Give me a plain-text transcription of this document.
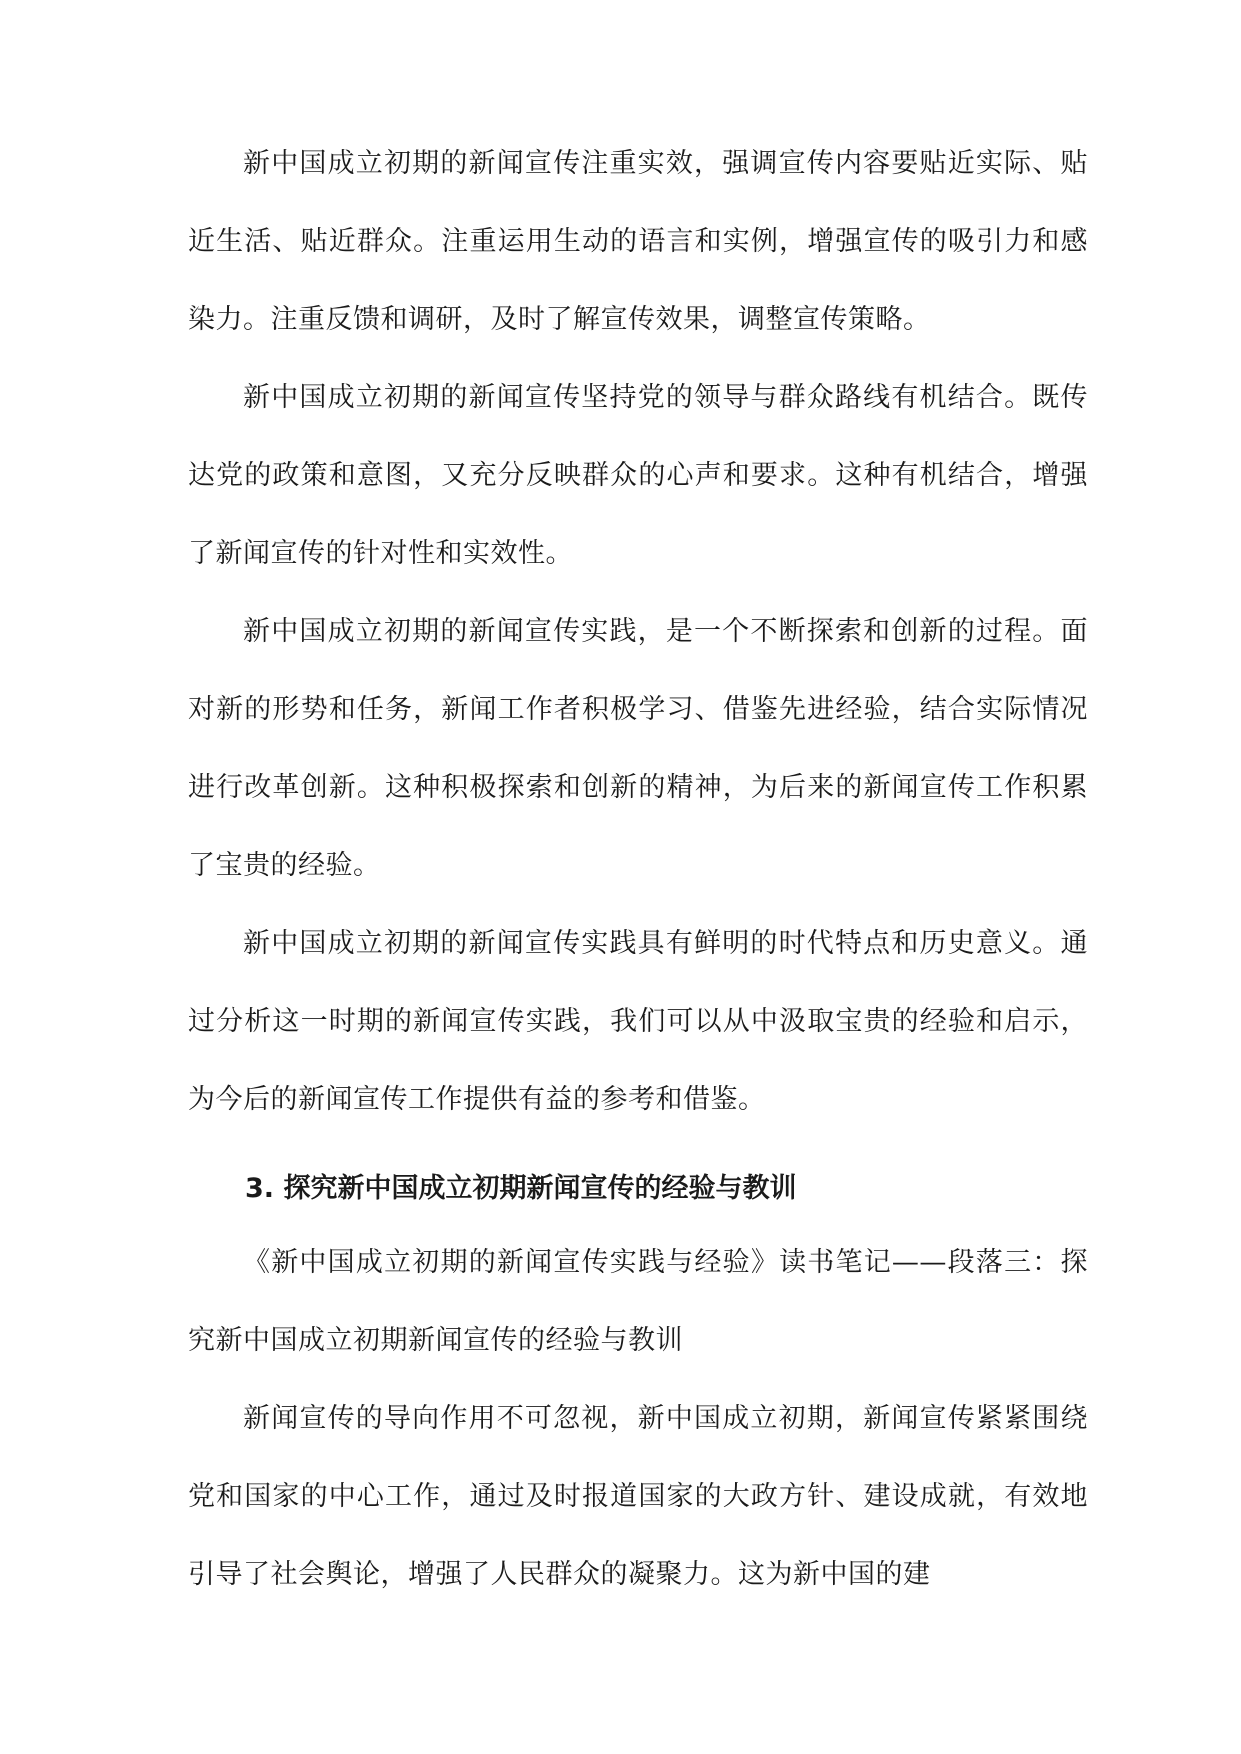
新中国成立初期的新闻宣传注重实效，强调宣传内容要贴近实际、贴近生活、贴近群众。注重运用生动的语言和实例，增强宣传的吸引力和感染力。注重反馈和调研，及时了解宣传效果，调整宣传策略。

新中国成立初期的新闻宣传坚持党的领导与群众路线有机结合。既传达党的政策和意图，又充分反映群众的心声和要求。这种有机结合，增强了新闻宣传的针对性和实效性。

新中国成立初期的新闻宣传实践，是一个不断探索和创新的过程。面对新的形势和任务，新闻工作者积极学习、借鉴先进经验，结合实际情况进行改革创新。这种积极探索和创新的精神，为后来的新闻宣传工作积累了宝贵的经验。

新中国成立初期的新闻宣传实践具有鲜明的时代特点和历史意义。通过分析这一时期的新闻宣传实践，我们可以从中汲取宝贵的经验和启示，为今后的新闻宣传工作提供有益的参考和借鉴。

3. 探究新中国成立初期新闻宣传的经验与教训

《新中国成立初期的新闻宣传实践与经验》读书笔记——段落三：探究新中国成立初期新闻宣传的经验与教训

新闻宣传的导向作用不可忽视，新中国成立初期，新闻宣传紧紧围绕党和国家的中心工作，通过及时报道国家的大政方针、建设成就，有效地引导了社会舆论，增强了人民群众的凝聚力。这为新中国的建
